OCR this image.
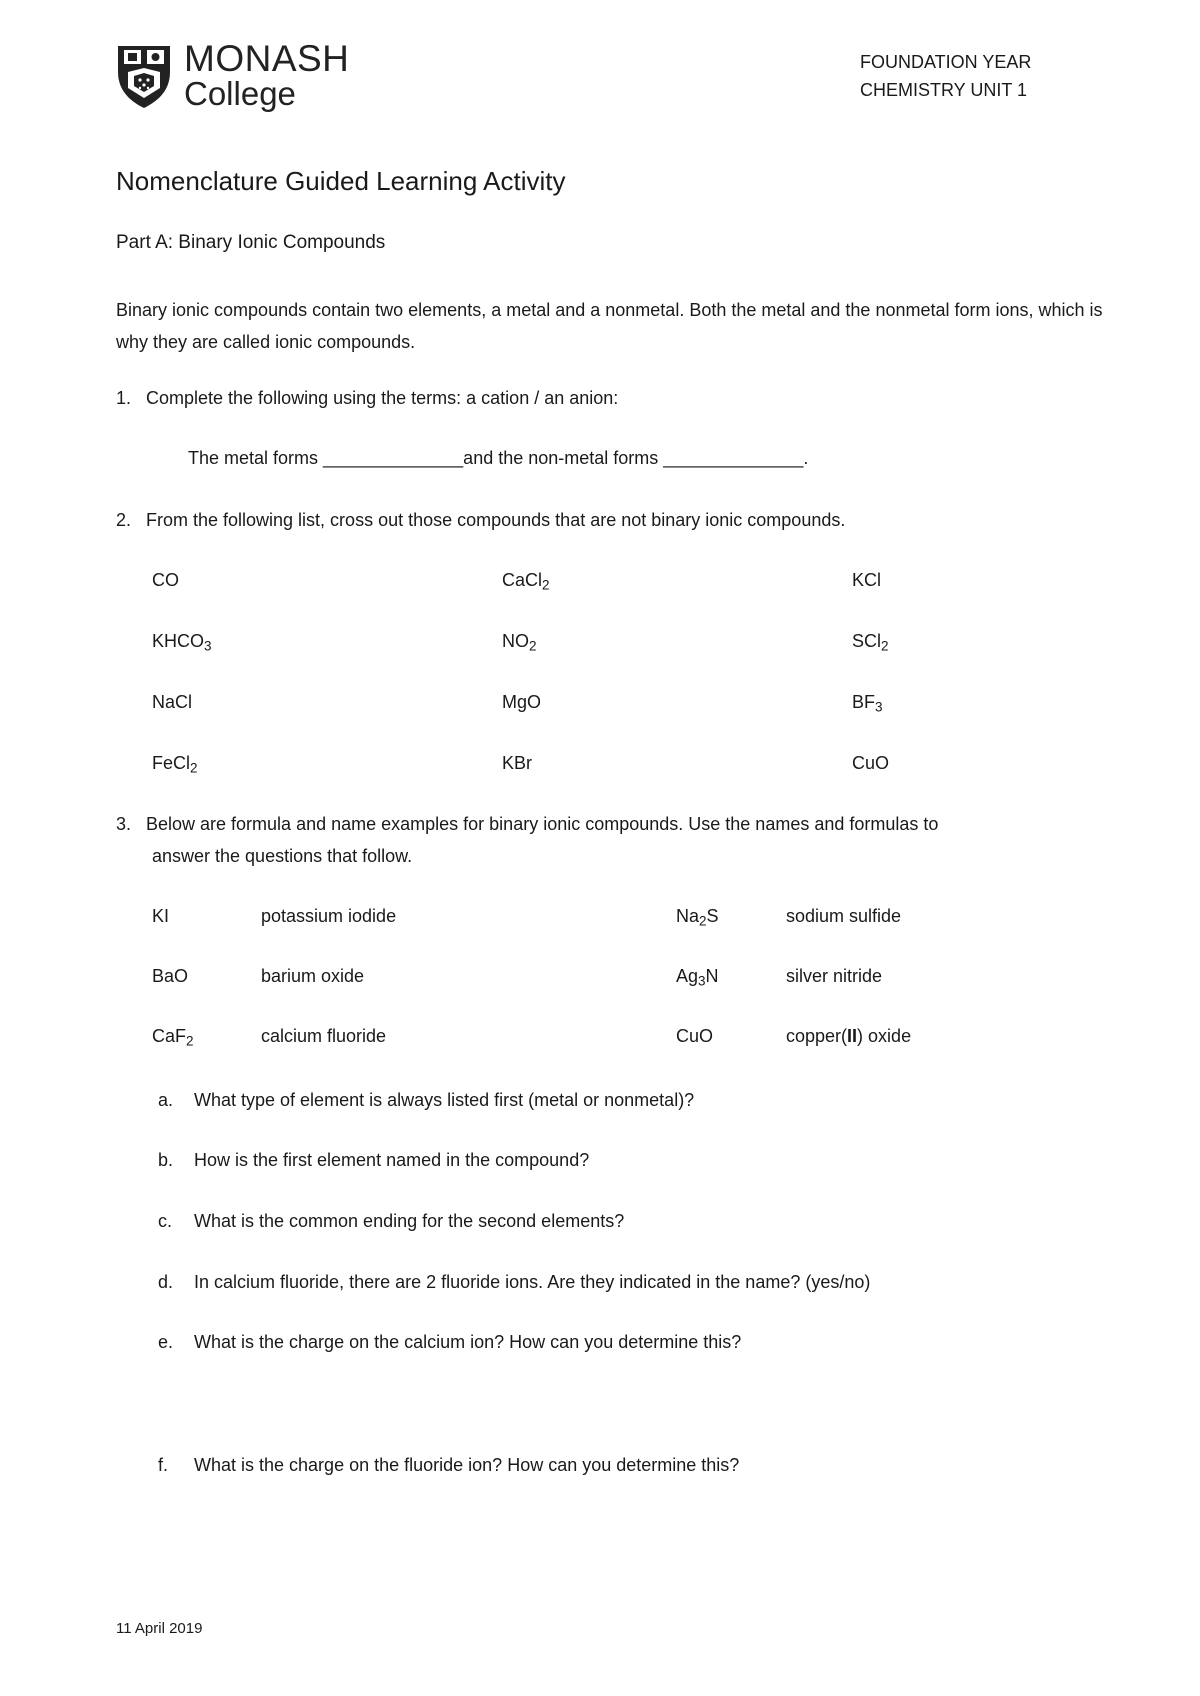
MONASH
College
FOUNDATION YEAR
CHEMISTRY UNIT 1
Nomenclature Guided Learning Activity
Part A: Binary Ionic Compounds
Binary ionic compounds contain two elements, a metal and a nonmetal. Both the metal and the nonmetal form ions, which is why they are called ionic compounds.
1. Complete the following using the terms: a cation / an anion:
The metal forms ______________and the non-metal forms ______________.
2. From the following list, cross out those compounds that are not binary ionic compounds.
CO	CaCl$_2$	KCl
$KHCO_3$	$NO_2$	SCl$_2$
NaCl	MgO	$BF_3$
FeCl$_2$	KBr	CuO
3. Below are formula and name examples for binary ionic compounds. Use the names and formulas to
answer the questions that follow.
KI	potassium iodide	$Na_2S$	sodium sulfide
BaO	barium oxide	$Ag_3N$	silver nitride
CaF$_2$	calcium fluoride	CuO	copper(II) oxide
a. What type of element is always listed first (metal or nonmetal)?
b. How is the first element named in the compound?
c. What is the common ending for the second elements?
d. In calcium fluoride, there are 2 fluoride ions. Are they indicated in the name? (yes/no)
e. What is the charge on the calcium ion? How can you determine this?
f. What is the charge on the fluoride ion? How can you determine this?
11 April 2019
